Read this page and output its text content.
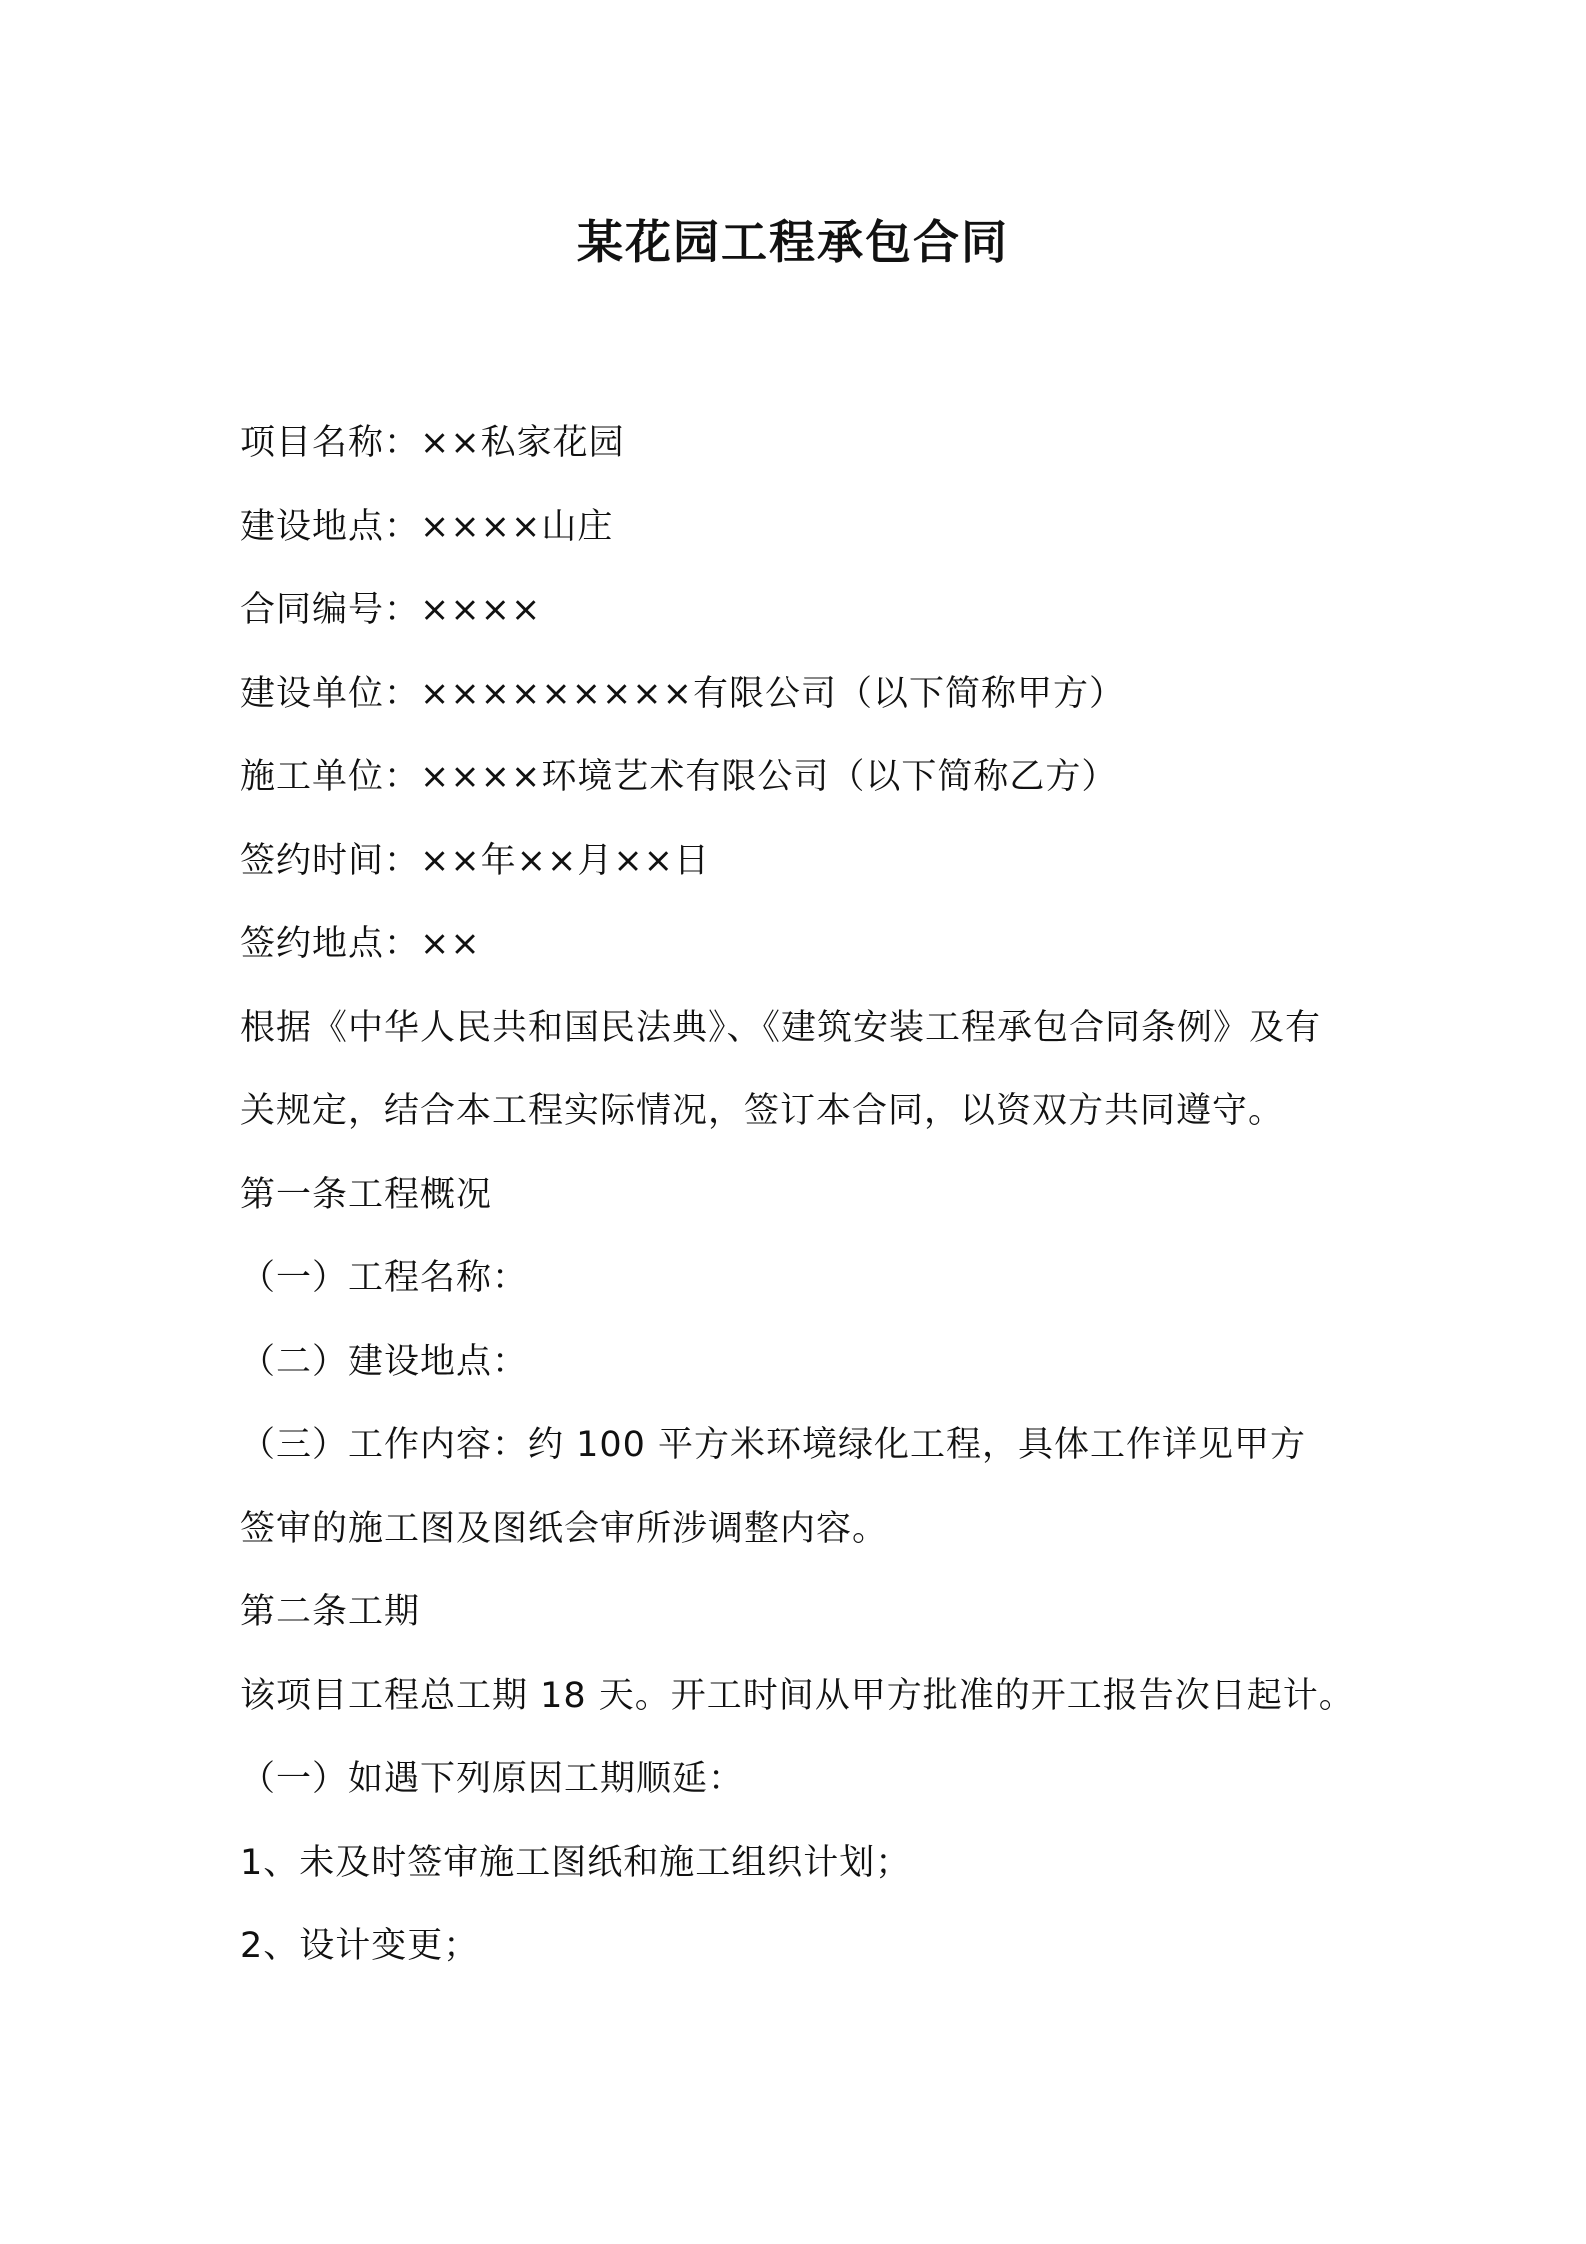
某花园工程承包合同

项目名称：××私家花园

建设地点：××××山庄

合同编号：××××

建设单位：×××××××××有限公司（以下简称甲方）

施工单位：××××环境艺术有限公司（以下简称乙方）

签约时间：××年××月××日

签约地点：××

根据《中华人民共和国民法典》、《建筑安装工程承包合同条例》及有

关规定，结合本工程实际情况，签订本合同，以资双方共同遵守。

第一条工程概况

（一）工程名称：

（二）建设地点：

（三）工作内容：约 100 平方米环境绿化工程，具体工作详见甲方

签审的施工图及图纸会审所涉调整内容。

第二条工期

该项目工程总工期 18 天。开工时间从甲方批准的开工报告次日起计。

（一）如遇下列原因工期顺延：

1、未及时签审施工图纸和施工组织计划；

2、设计变更；
